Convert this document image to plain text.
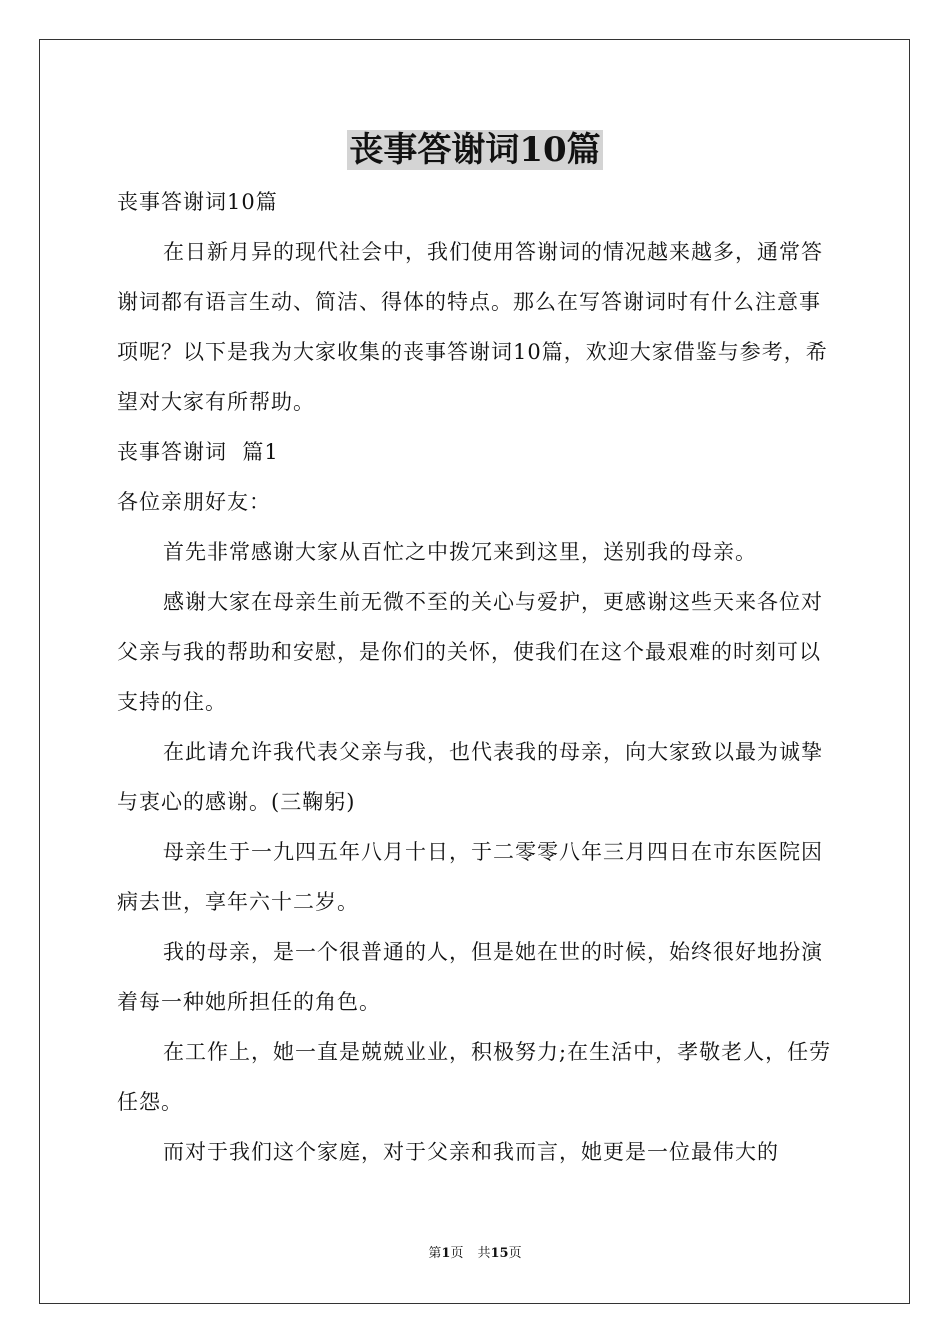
丧事答谢词10篇

丧事答谢词10篇

在日新月异的现代社会中，我们使用答谢词的情况越来越多，通常答谢词都有语言生动、简洁、得体的特点。那么在写答谢词时有什么注意事项呢？以下是我为大家收集的丧事答谢词10篇，欢迎大家借鉴与参考，希望对大家有所帮助。

丧事答谢词  篇1

各位亲朋好友：

首先非常感谢大家从百忙之中拨冗来到这里，送别我的母亲。

感谢大家在母亲生前无微不至的关心与爱护，更感谢这些天来各位对父亲与我的帮助和安慰，是你们的关怀，使我们在这个最艰难的时刻可以支持的住。

在此请允许我代表父亲与我，也代表我的母亲，向大家致以最为诚挚与衷心的感谢。(三鞠躬)

母亲生于一九四五年八月十日，于二零零八年三月四日在市东医院因病去世，享年六十二岁。

我的母亲，是一个很普通的人，但是她在世的时候，始终很好地扮演着每一种她所担任的角色。

在工作上，她一直是兢兢业业，积极努力;在生活中，孝敬老人，任劳任怨。

而对于我们这个家庭，对于父亲和我而言，她更是一位最伟大的

第1页 共15页
